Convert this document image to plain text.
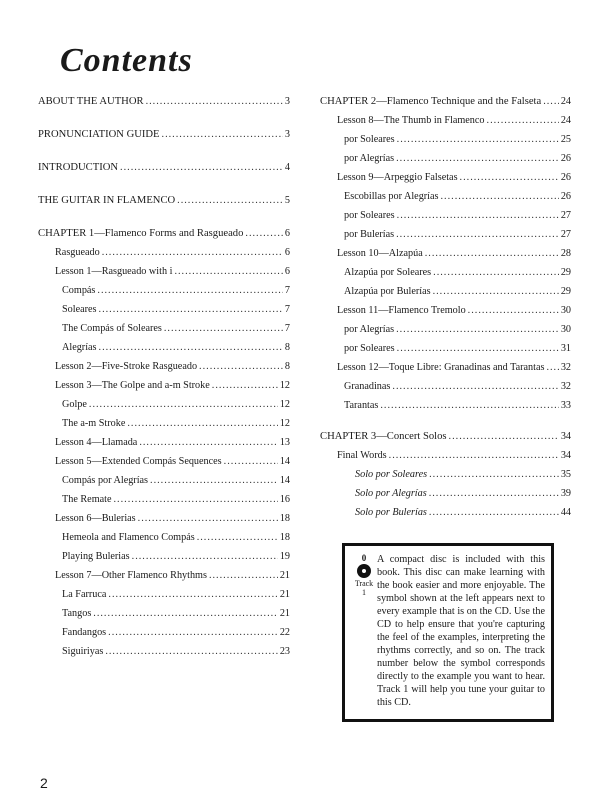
Contents
ABOUT THE AUTHOR .....	3
PRONUNCIATION GUIDE .....	3
INTRODUCTION .....	4
THE GUITAR IN FLAMENCO .....	5
CHAPTER 1—Flamenco Forms and Rasgueado .....	6
Rasgueado .....	6
Lesson 1—Rasgueado with i .....	6
Compás .....	7
Soleares .....	7
The Compás of Soleares .....	7
Alegrías .....	8
Lesson 2—Five-Stroke Rasgueado .....	8
Lesson 3—The Golpe and a-m Stroke .....	12
Golpe .....	12
The a-m Stroke .....	12
Lesson 4—Llamada .....	13
Lesson 5—Extended Compás Sequences .....	14
Compás por Alegrías .....	14
The Remate .....	16
Lesson 6—Bulerias .....	18
Hemeola and Flamenco Compás .....	18
Playing Bulerias .....	19
Lesson 7—Other Flamenco Rhythms .....	21
La Farruca .....	21
Tangos .....	21
Fandangos .....	22
Siguiriyas .....	23
CHAPTER 2—Flamenco Technique and the Falseta ..... 24
Lesson 8—The Thumb in Flamenco .....	24
por Soleares .....	25
por Alegrías .....	26
Lesson 9—Arpeggio Falsetas .....	26
Escobillas por Alegrías .....	26
por Soleares .....	27
por Bulerías .....	27
Lesson 10—Alzapúa .....	28
Alzapúa por Soleares .....	29
Alzapúa por Bulerías .....	29
Lesson 11—Flamenco Tremolo .....	30
por Alegrías .....	30
por Soleares .....	31
Lesson 12—Toque Libre: Granadinas and Tarantas ..... 32
Granadinas .....	32
Tarantas .....	33
CHAPTER 3—Concert Solos .....	34
Final Words .....	34
Solo por Soleares .....	35
Solo por Alegrías .....	39
Solo por Bulerías .....	44
0
Track
1
A compact disc is included with this book. This disc can make learning with the book easier and more enjoyable. The symbol shown at the left appears next to every example that is on the CD. Use the CD to help ensure that you're capturing the feel of the examples, interpreting the rhythms correctly, and so on. The track number below the symbol corresponds directly to the example you want to hear. Track 1 will help you tune your guitar to this CD.
2
